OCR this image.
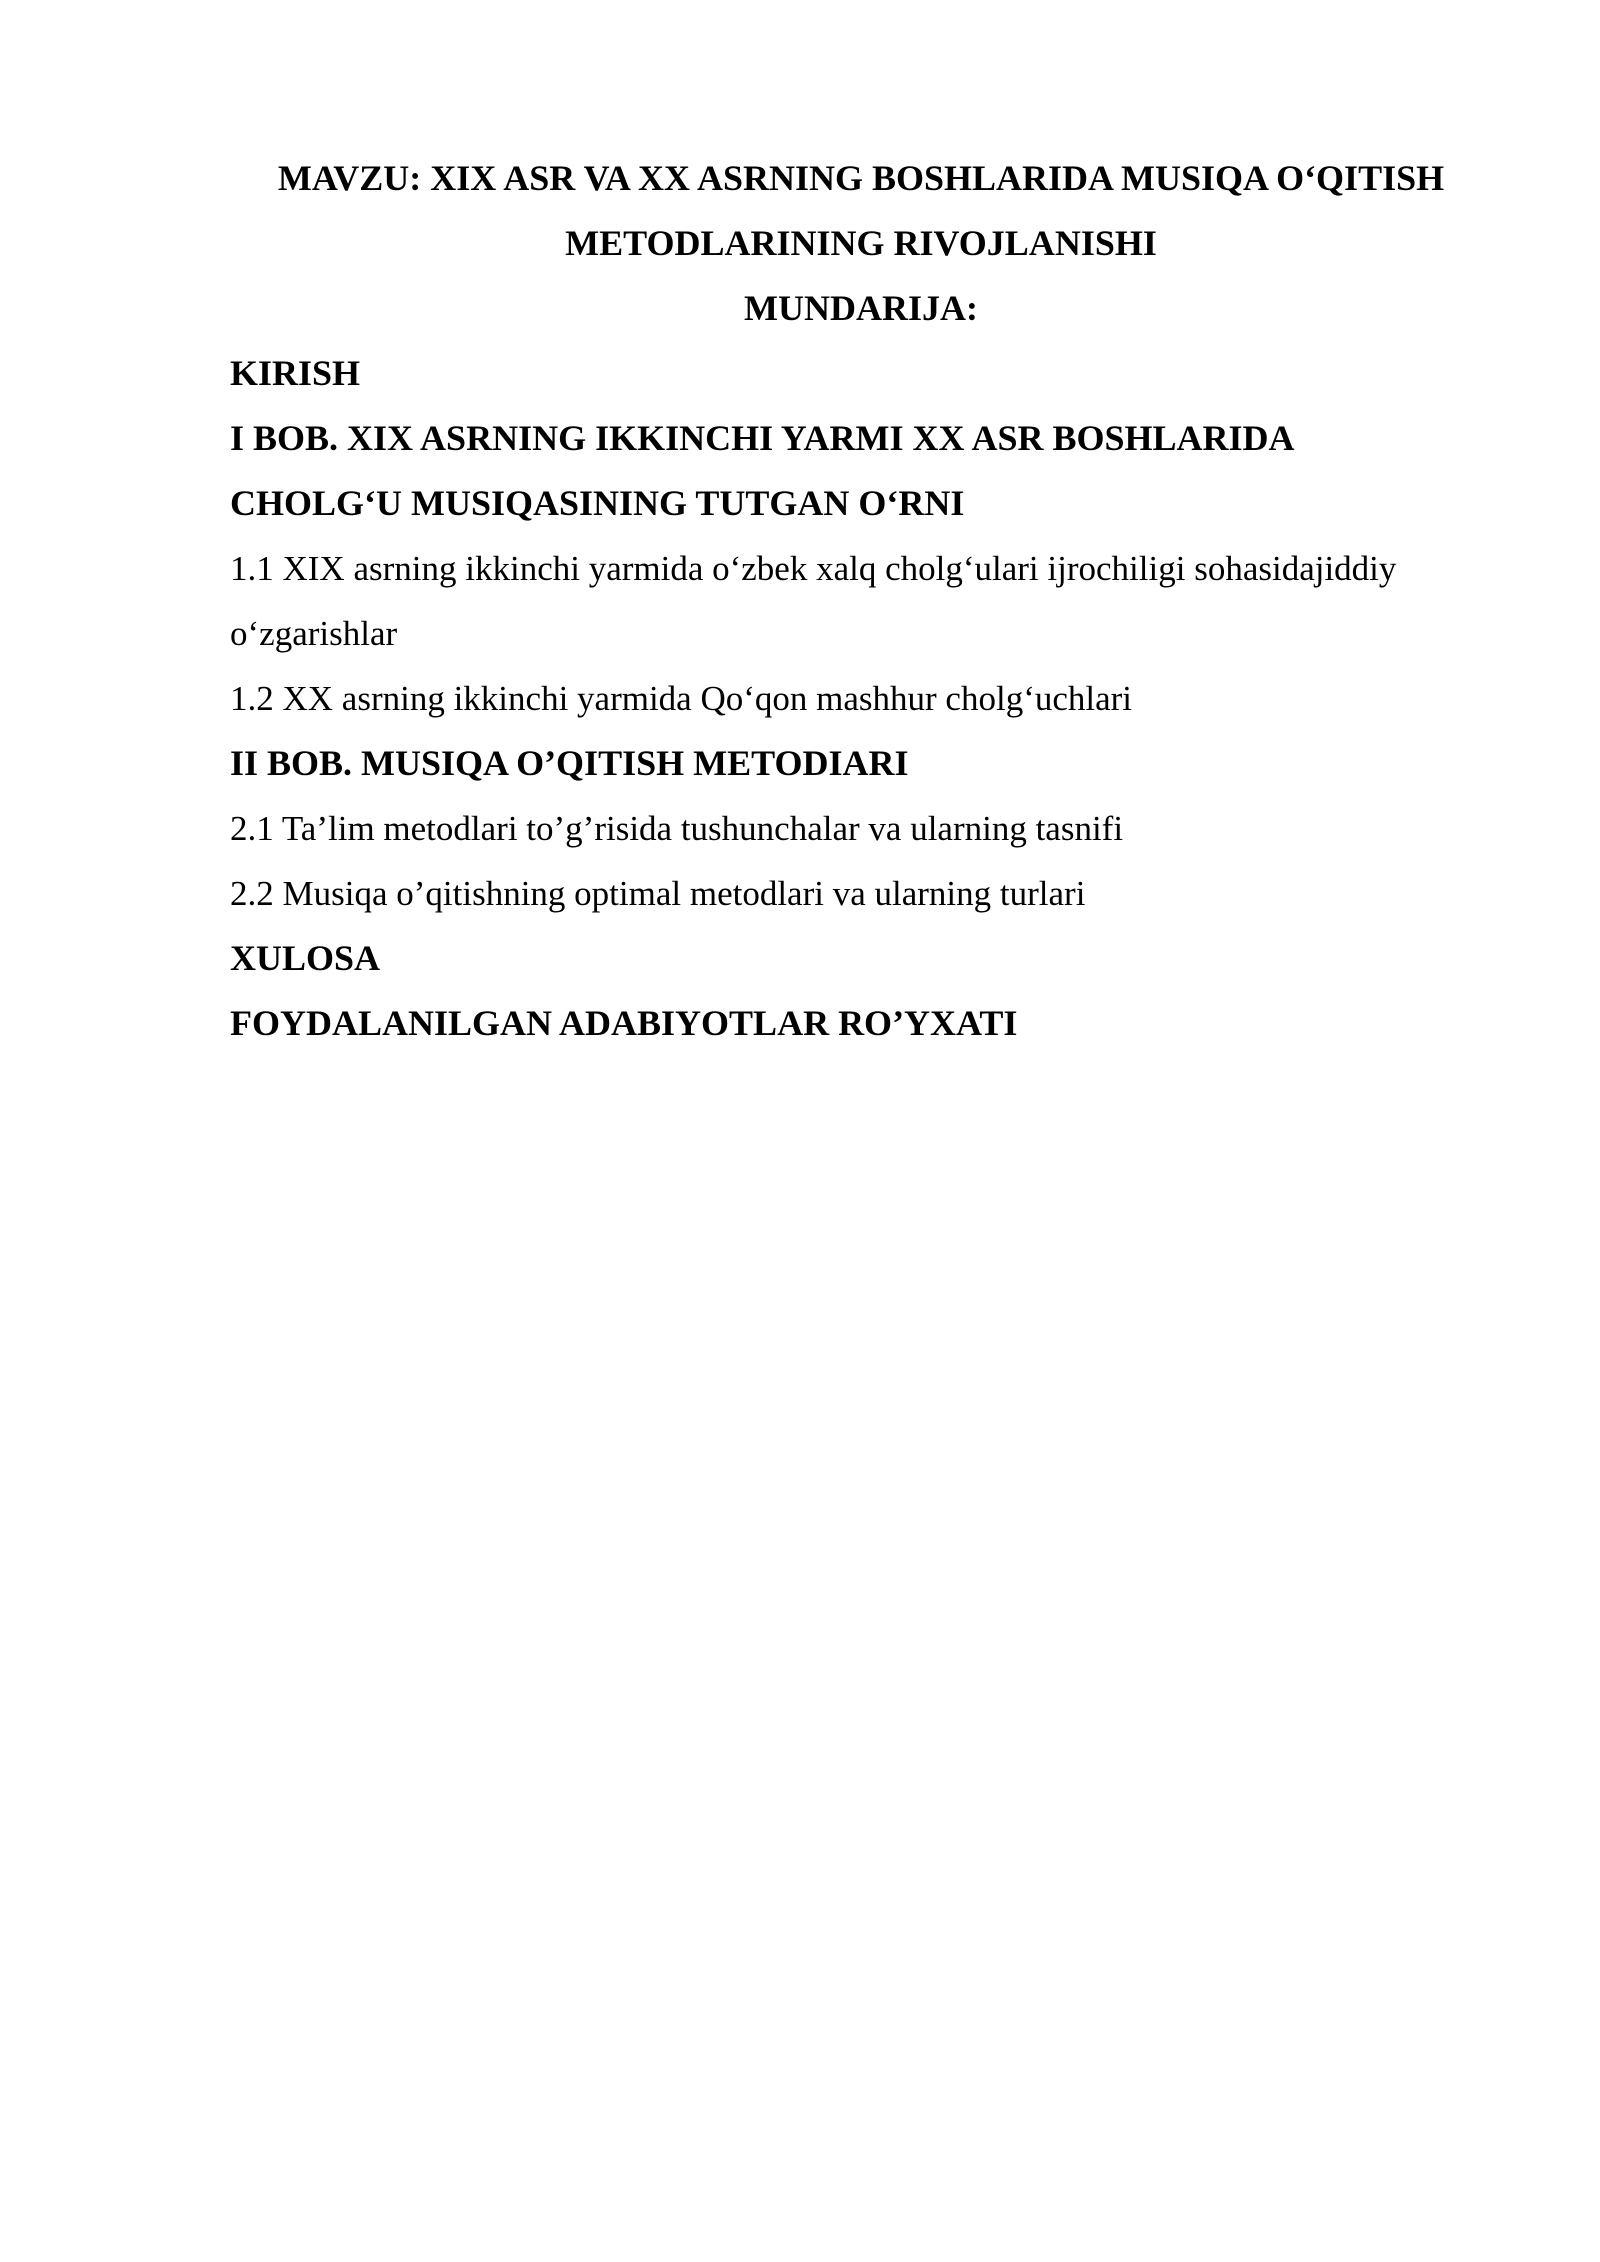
MAVZU: XIX ASR VA XX ASRNING BOSHLARIDA MUSIQA O‘QITISH
METODLARINING RIVOJLANISHI
MUNDARIJA:
KIRISH
I BOB. XIX ASRNING IKKINCHI YARMI XX ASR BOSHLARIDA
CHOLG‘U MUSIQASINING TUTGAN O‘RNI
1.1 XIX asrning ikkinchi yarmida o‘zbek xalq cholg‘ulari ijrochiligi sohasidajiddiy
o‘zgarishlar
1.2 XX asrning ikkinchi yarmida Qo‘qon mashhur cholg‘uchlari
II BOB. MUSIQA O’QITISH METODIARI
2.1 Ta’lim metodlari to’g’risida tushunchalar va ularning tasnifi
2.2 Musiqa o’qitishning optimal metodlari va ularning turlari
XULOSA
FOYDALANILGAN ADABIYOTLAR RO’YXATI
